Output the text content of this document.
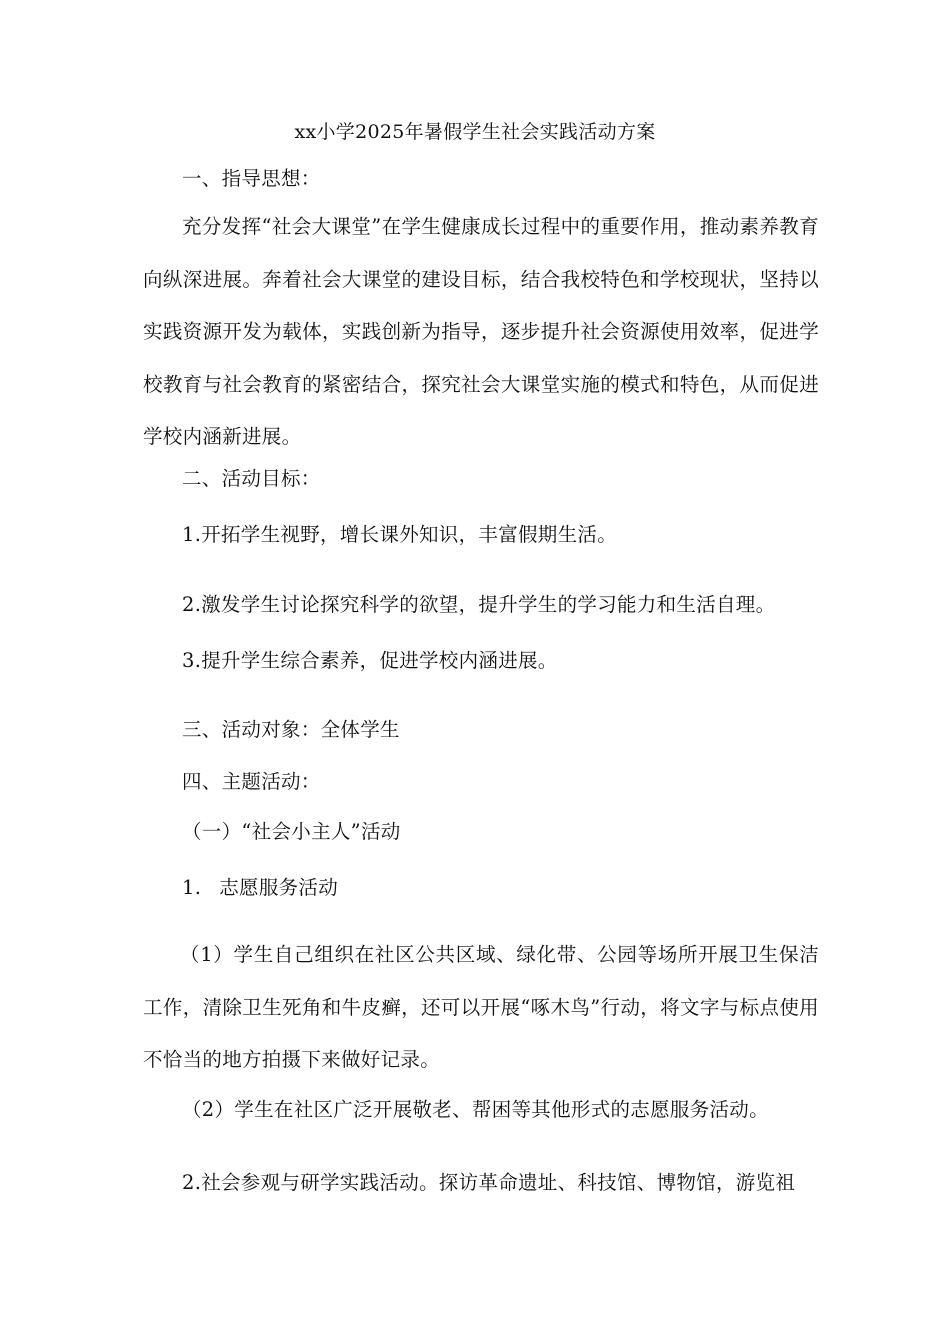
xx小学2025年暑假学生社会实践活动方案
一、指导思想：
充分发挥“社会大课堂”在学生健康成长过程中的重要作用，推动素养教育向纵深进展。奔着社会大课堂的建设目标，结合我校特色和学校现状，坚持以实践资源开发为载体，实践创新为指导，逐步提升社会资源使用效率，促进学校教育与社会教育的紧密结合，探究社会大课堂实施的模式和特色，从而促进学校内涵新进展。
二、活动目标：
1.开拓学生视野，增长课外知识，丰富假期生活。
2.激发学生讨论探究科学的欲望，提升学生的学习能力和生活自理。
3.提升学生综合素养，促进学校内涵进展。
三、活动对象：全体学生
四、主题活动：
（一）“社会小主人”活动
1. 志愿服务活动
（1）学生自己组织在社区公共区域、绿化带、公园等场所开展卫生保洁工作，清除卫生死角和牛皮癣，还可以开展“啄木鸟”行动，将文字与标点使用不恰当的地方拍摄下来做好记录。
（2）学生在社区广泛开展敬老、帮困等其他形式的志愿服务活动。
2.社会参观与研学实践活动。探访革命遗址、科技馆、博物馆，游览祖
